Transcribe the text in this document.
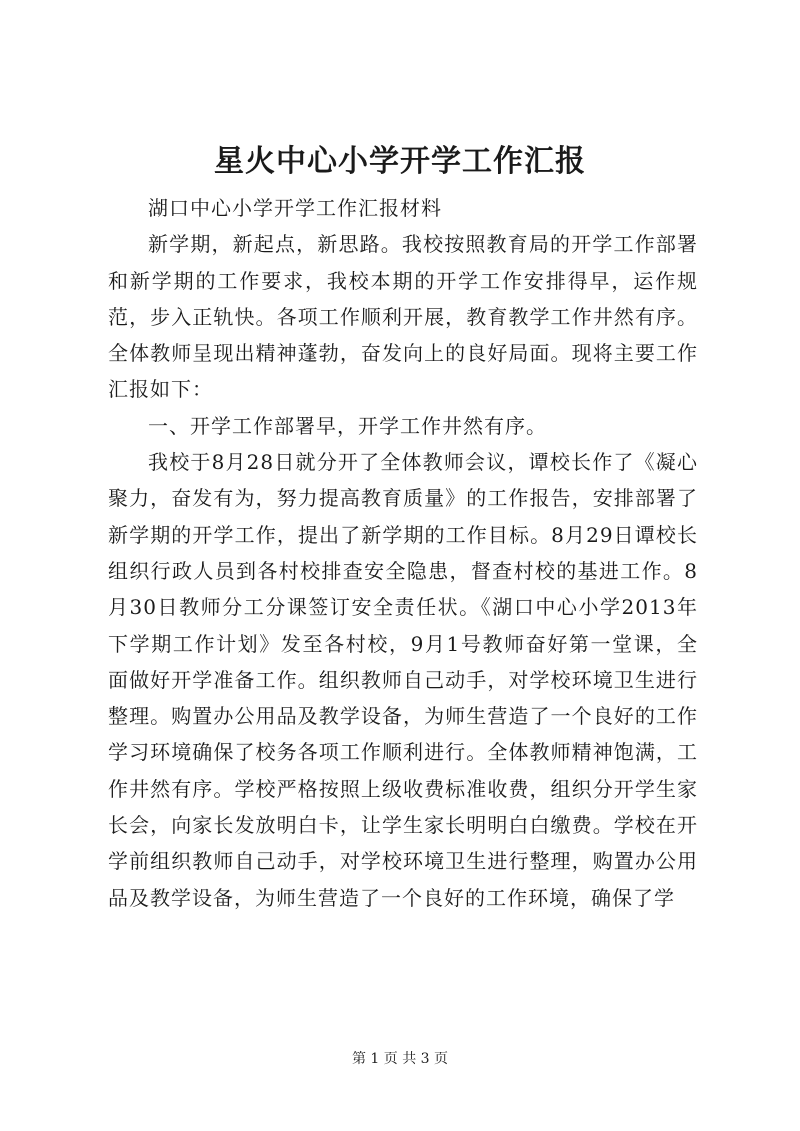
星火中心小学开学工作汇报

湖口中心小学开学工作汇报材料

新学期，新起点，新思路。我校按照教育局的开学工作部署和新学期的工作要求，我校本期的开学工作安排得早，运作规范，步入正轨快。各项工作顺利开展，教育教学工作井然有序。全体教师呈现出精神蓬勃，奋发向上的良好局面。现将主要工作汇报如下：

一、开学工作部署早，开学工作井然有序。

我校于8月28日就分开了全体教师会议，谭校长作了《凝心聚力，奋发有为，努力提高教育质量》的工作报告，安排部署了新学期的开学工作，提出了新学期的工作目标。8月29日谭校长组织行政人员到各村校排查安全隐患，督查村校的基进工作。8月30日教师分工分课签订安全责任状。《湖口中心小学2013年下学期工作计划》发至各村校，9月1号教师奋好第一堂课，全面做好开学准备工作。组织教师自己动手，对学校环境卫生进行整理。购置办公用品及教学设备，为师生营造了一个良好的工作学习环境确保了校务各项工作顺利进行。全体教师精神饱满，工作井然有序。学校严格按照上级收费标准收费，组织分开学生家长会，向家长发放明白卡，让学生家长明明白白缴费。学校在开学前组织教师自己动手，对学校环境卫生进行整理，购置办公用品及教学设备，为师生营造了一个良好的工作环境，确保了学

第 1 页 共 3 页
